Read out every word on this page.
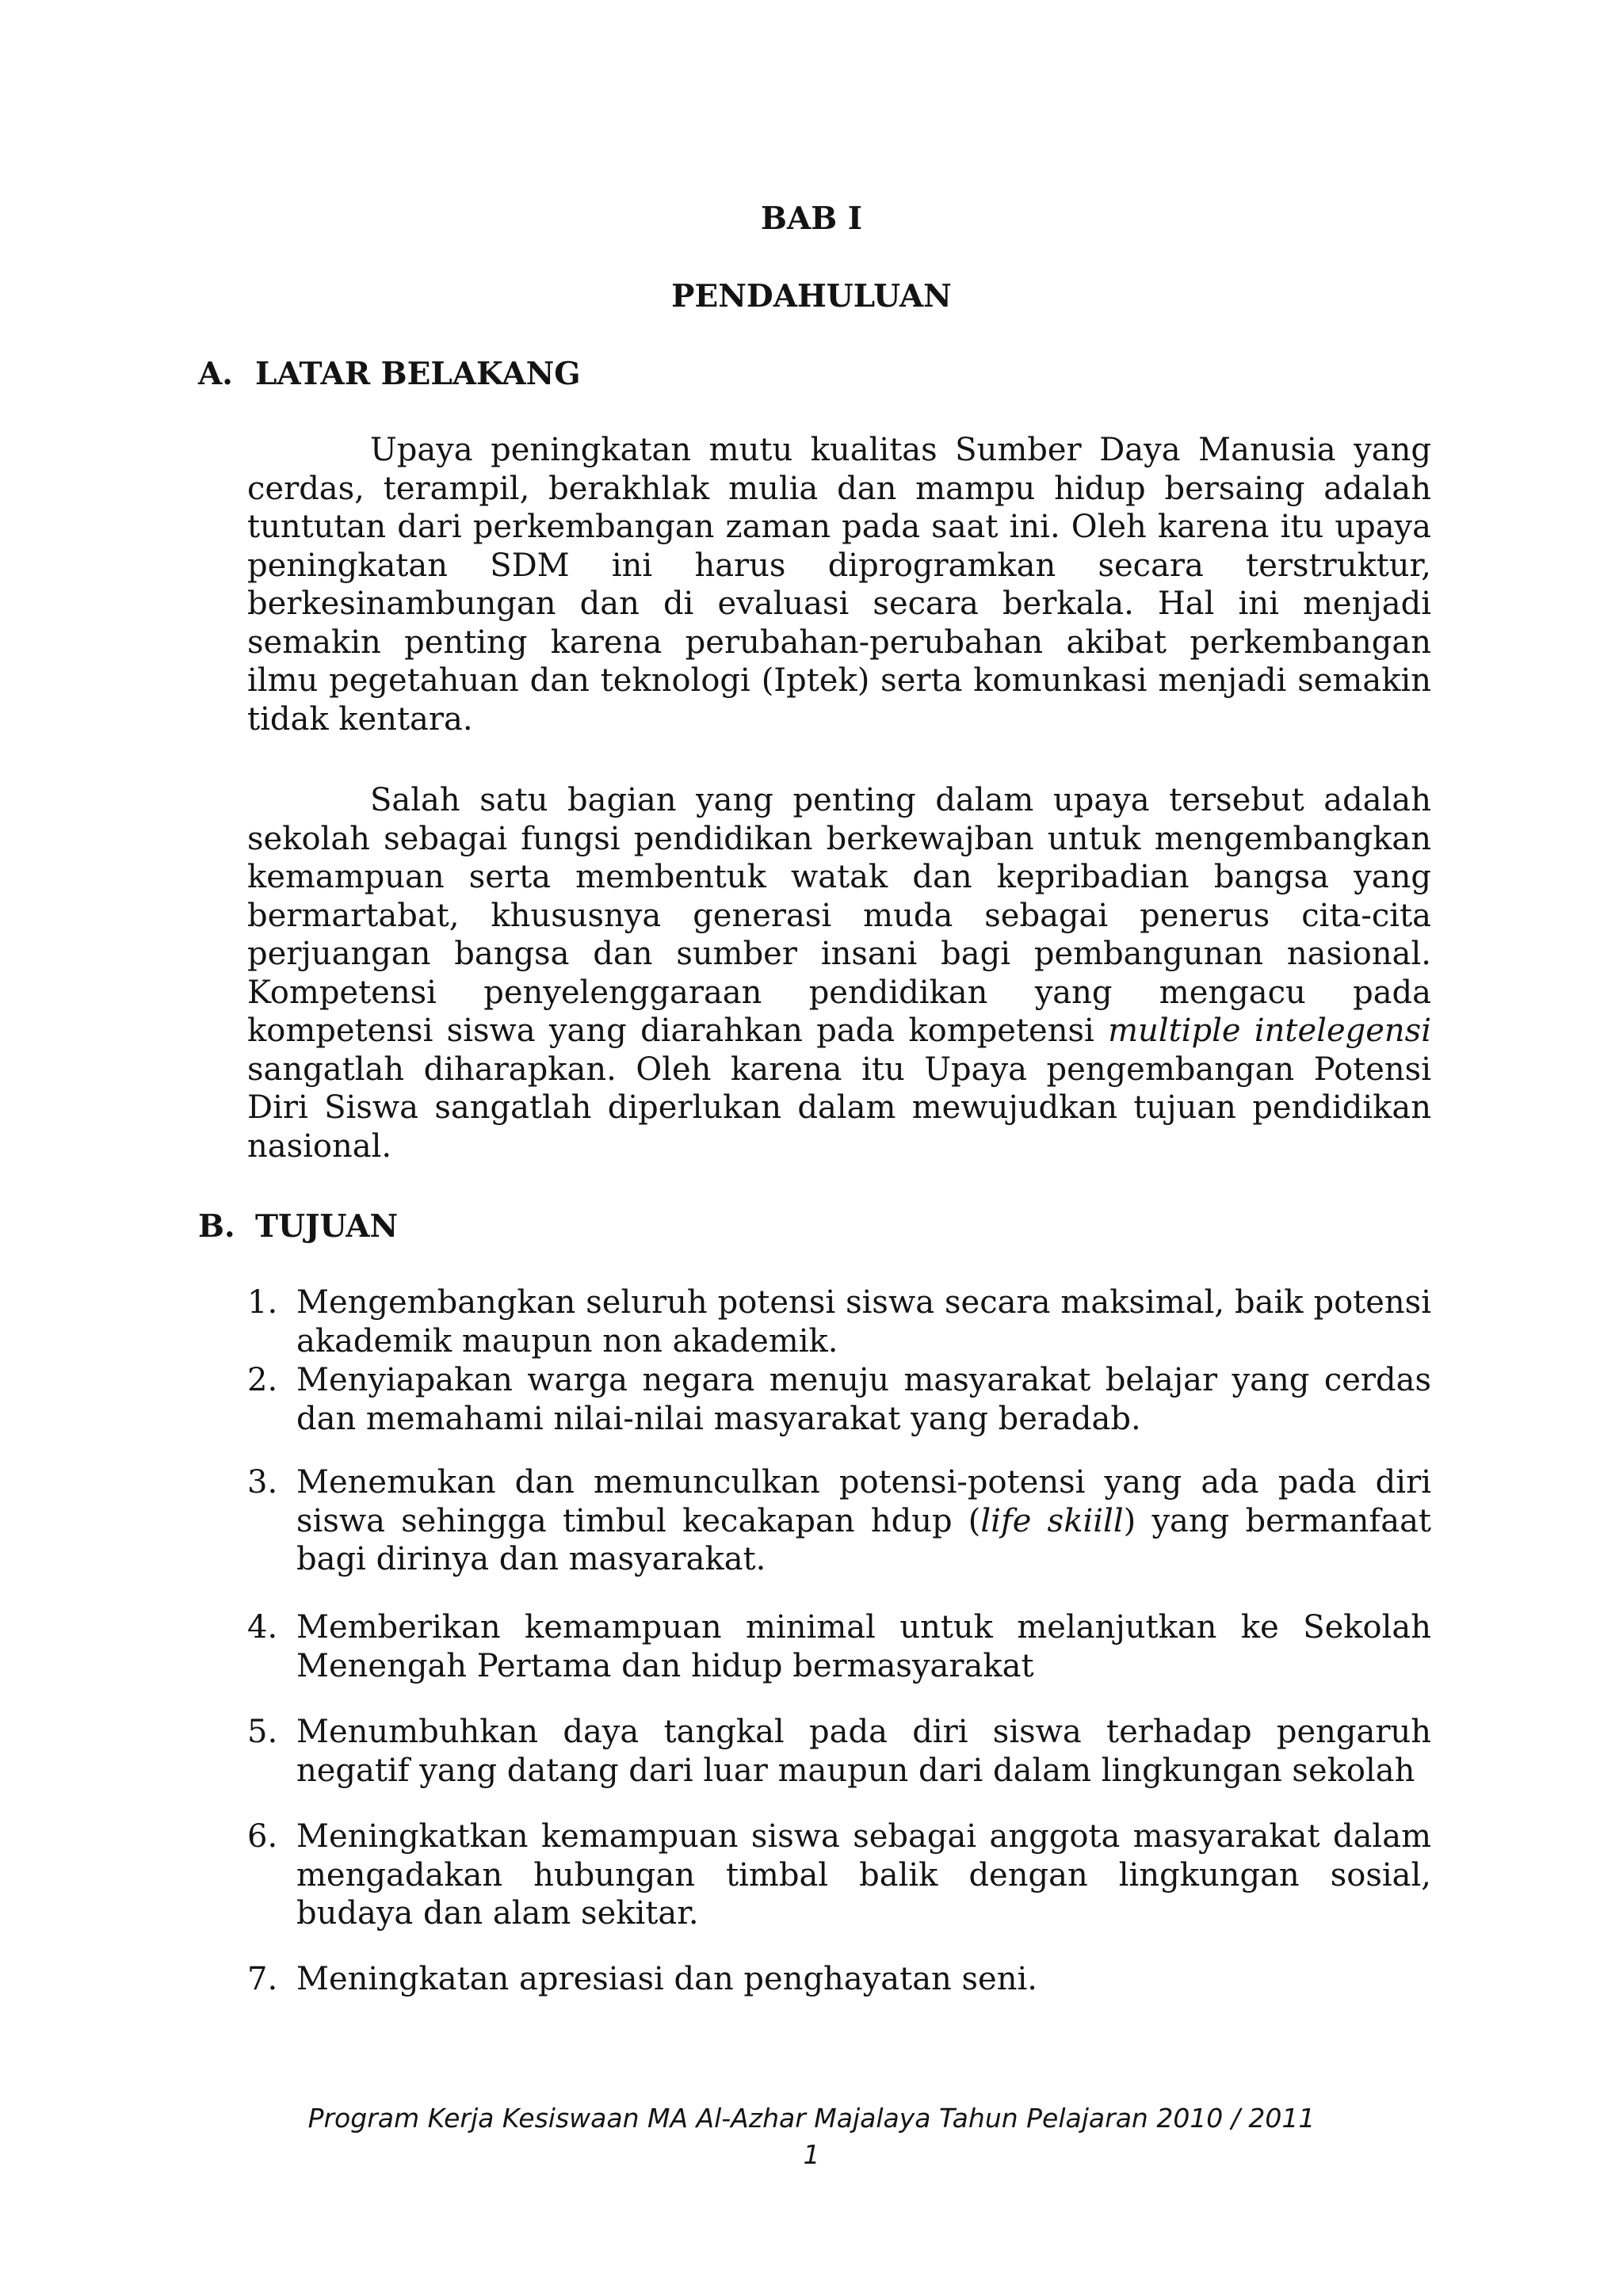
BAB I
PENDAHULUAN
A. LATAR BELAKANG

Upaya peningkatan mutu kualitas Sumber Daya Manusia yang cerdas, terampil, berakhlak mulia dan mampu hidup bersaing adalah tuntutan dari perkembangan zaman pada saat ini. Oleh karena itu upaya peningkatan SDM ini harus diprogramkan secara terstruktur, berkesinambungan dan di evaluasi secara berkala. Hal ini menjadi semakin penting karena perubahan-perubahan akibat perkembangan ilmu pegetahuan dan teknologi (Iptek) serta komunkasi menjadi semakin tidak kentara.

Salah satu bagian yang penting dalam upaya tersebut adalah sekolah sebagai fungsi pendidikan berkewajban untuk mengembangkan kemampuan serta membentuk watak dan kepribadian bangsa yang bermartabat, khususnya generasi muda sebagai penerus cita-cita perjuangan bangsa dan sumber insani bagi pembangunan nasional. Kompetensi penyelenggaraan pendidikan yang mengacu pada kompetensi siswa yang diarahkan pada kompetensi multiple intelegensi sangatlah diharapkan. Oleh karena itu Upaya pengembangan Potensi Diri Siswa sangatlah diperlukan dalam mewujudkan tujuan pendidikan nasional.

B. TUJUAN
1. Mengembangkan seluruh potensi siswa secara maksimal, baik potensi akademik maupun non akademik.
2. Menyiapakan warga negara menuju masyarakat belajar yang cerdas dan memahami nilai-nilai masyarakat yang beradab.
3. Menemukan dan memunculkan potensi-potensi yang ada pada diri siswa sehingga timbul kecakapan hdup (life skiill) yang bermanfaat bagi dirinya dan masyarakat.
4. Memberikan kemampuan minimal untuk melanjutkan ke Sekolah Menengah Pertama dan hidup bermasyarakat
5. Menumbuhkan daya tangkal pada diri siswa terhadap pengaruh negatif yang datang dari luar maupun dari dalam lingkungan sekolah
6. Meningkatkan kemampuan siswa sebagai anggota masyarakat dalam mengadakan hubungan timbal balik dengan lingkungan sosial, budaya dan alam sekitar.
7. Meningkatan apresiasi dan penghayatan seni.
Program Kerja Kesiswaan MA Al-Azhar Majalaya Tahun Pelajaran 2010 / 2011
1
